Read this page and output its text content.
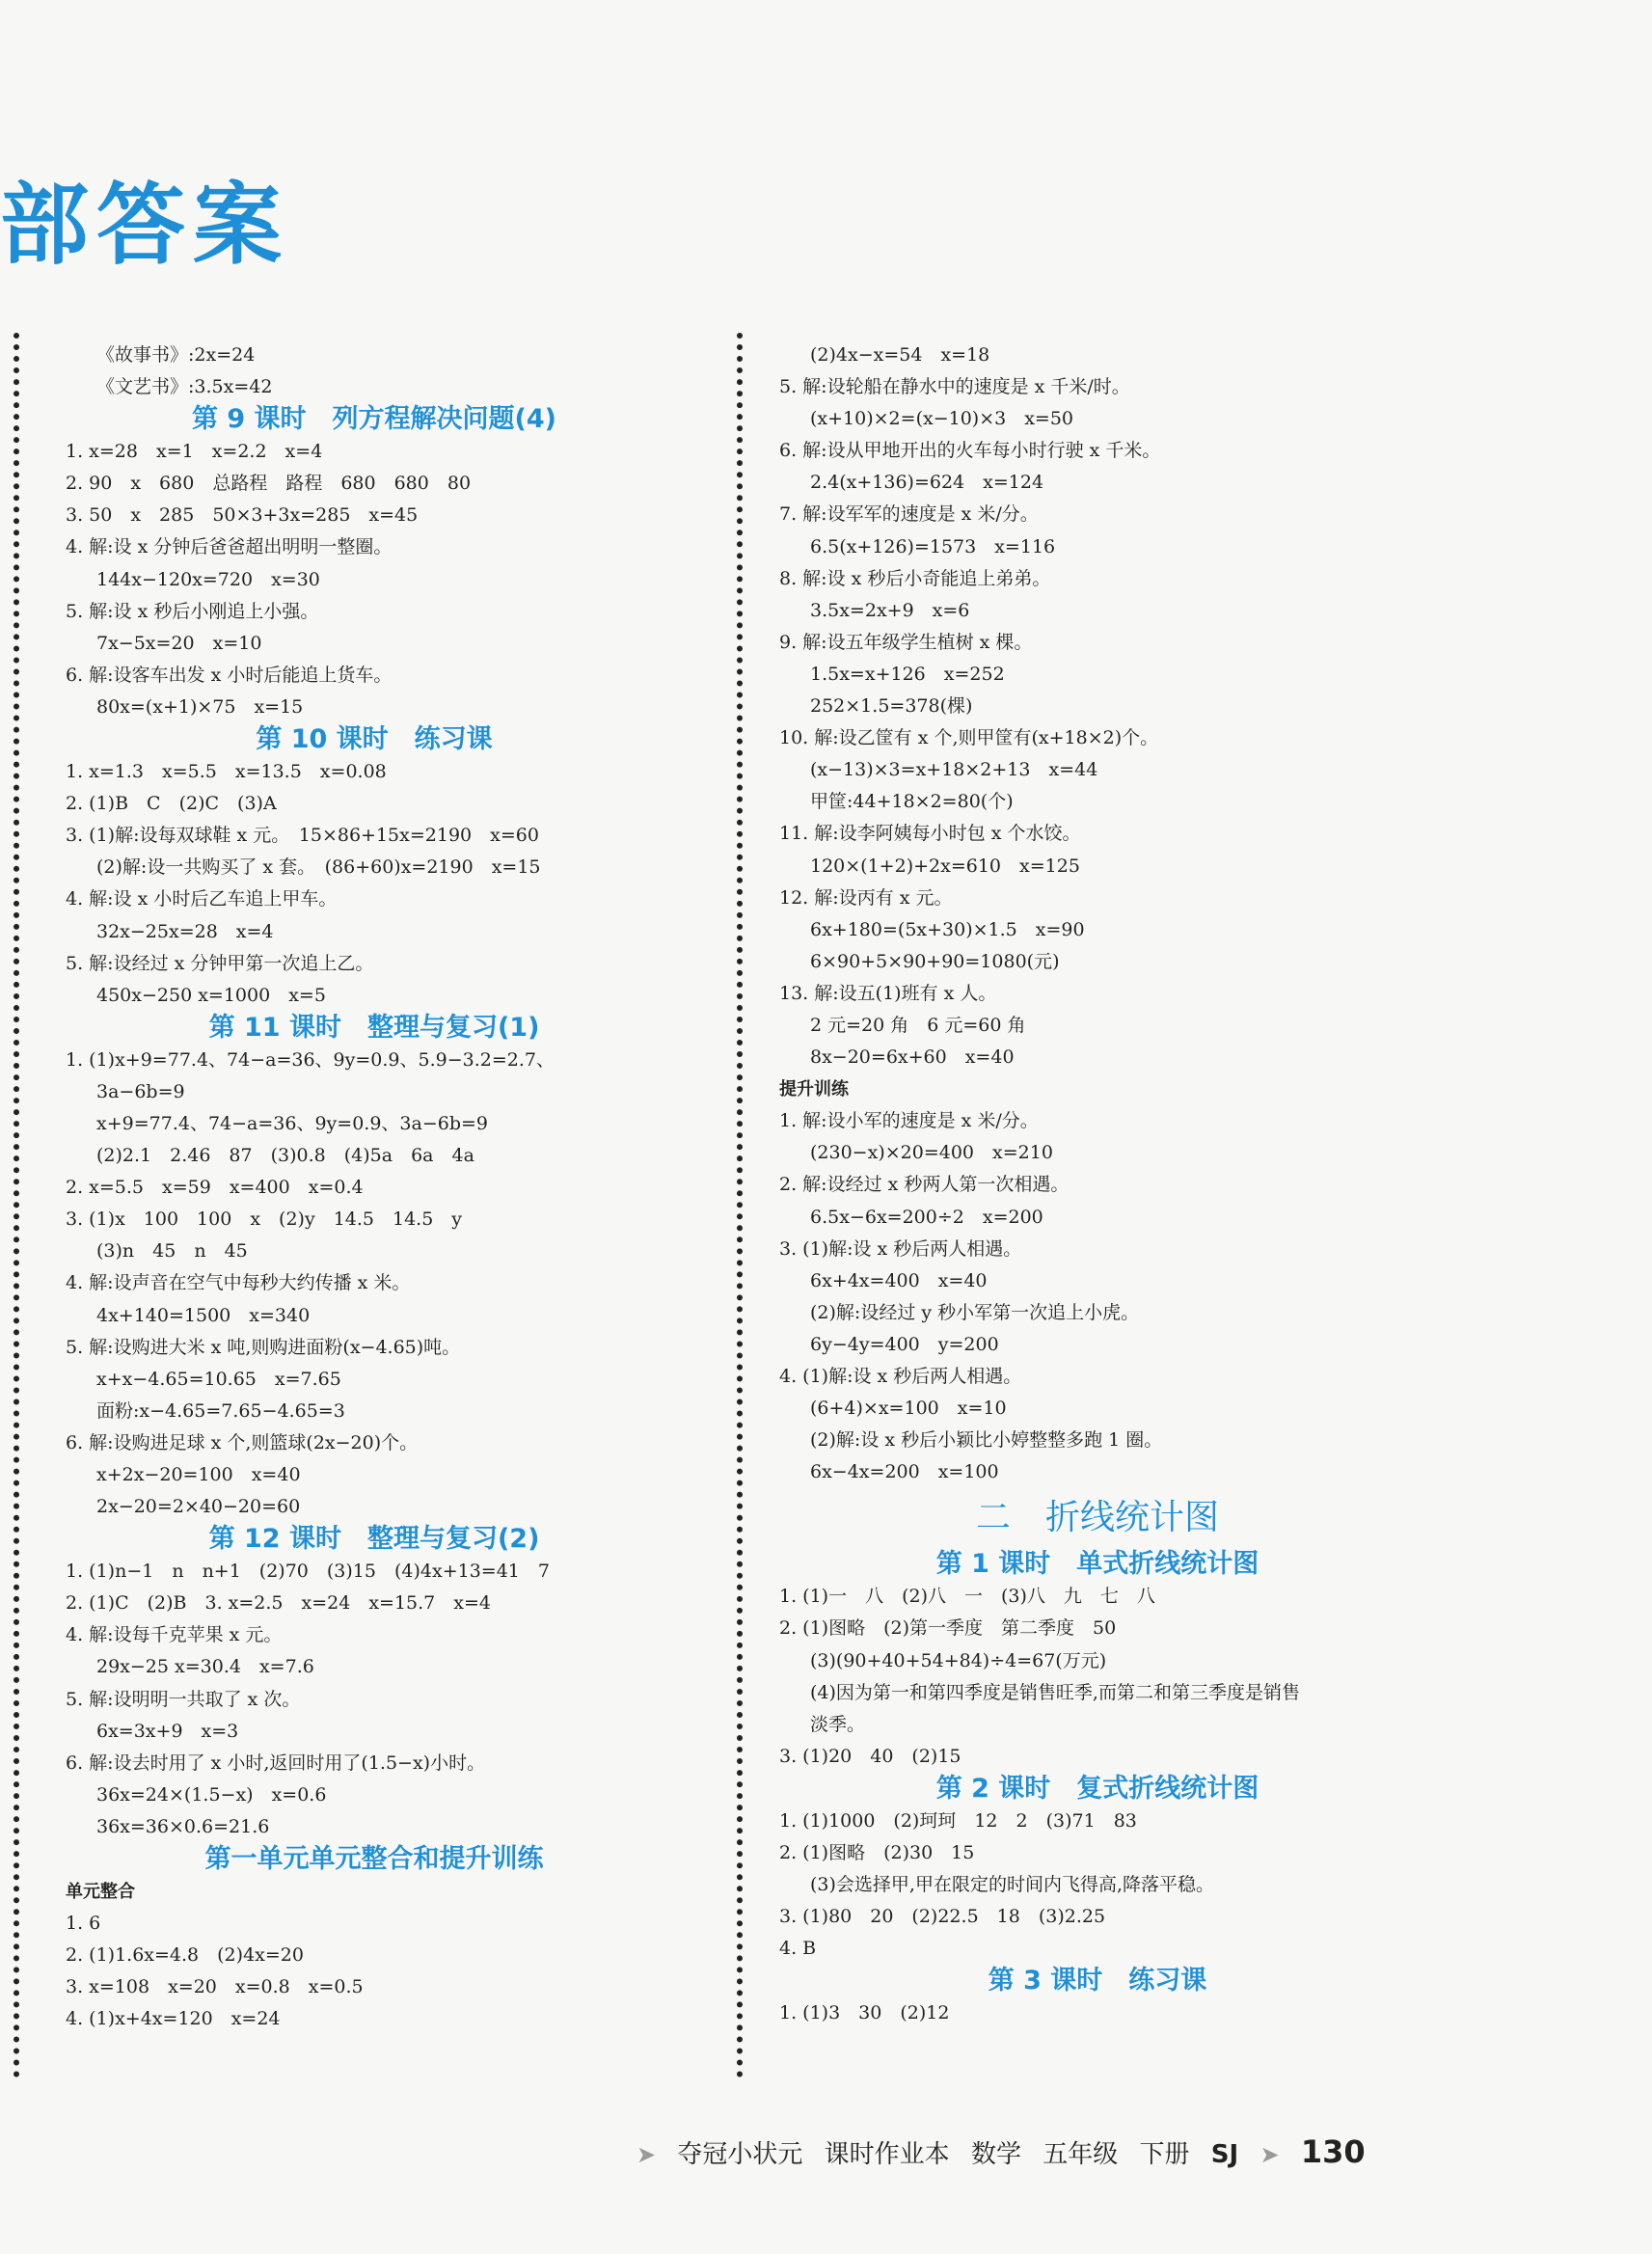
部答案
《故事书》:2x=24
《文艺书》:3.5x=42
第 9 课时　列方程解决问题(4)
1. x=28　x=1　x=2.2　x=4
2. 90　x　680　总路程　路程　680　680　80
3. 50　x　285　50×3+3x=285　x=45
4. 解:设 x 分钟后爸爸超出明明一整圈。
144x−120x=720　x=30
5. 解:设 x 秒后小刚追上小强。
7x−5x=20　x=10
6. 解:设客车出发 x 小时后能追上货车。
80x=(x+1)×75　x=15
第 10 课时　练习课
1. x=1.3　x=5.5　x=13.5　x=0.08
2. (1)B　C　(2)C　(3)A
3. (1)解:设每双球鞋 x 元。　15×86+15x=2190　x=60
(2)解:设一共购买了 x 套。　(86+60)x=2190　x=15
4. 解:设 x 小时后乙车追上甲车。
32x−25x=28　x=4
5. 解:设经过 x 分钟甲第一次追上乙。
450x−250 x=1000　x=5
第 11 课时　整理与复习(1)
1. (1)x+9=77.4、74−a=36、9y=0.9、5.9−3.2=2.7、
3a−6b=9
x+9=77.4、74−a=36、9y=0.9、3a−6b=9
(2)2.1　2.46　87　(3)0.8　(4)5a　6a　4a
2. x=5.5　x=59　x=400　x=0.4
3. (1)x　100　100　x　(2)y　14.5　14.5　y
(3)n　45　n　45
4. 解:设声音在空气中每秒大约传播 x 米。
4x+140=1500　x=340
5. 解:设购进大米 x 吨,则购进面粉(x−4.65)吨。
x+x−4.65=10.65　x=7.65
面粉:x−4.65=7.65−4.65=3
6. 解:设购进足球 x 个,则篮球(2x−20)个。
x+2x−20=100　x=40
2x−20=2×40−20=60
第 12 课时　整理与复习(2)
1. (1)n−1　n　n+1　(2)70　(3)15　(4)4x+13=41　7
2. (1)C　(2)B　3. x=2.5　x=24　x=15.7　x=4
4. 解:设每千克苹果 x 元。
29x−25 x=30.4　x=7.6
5. 解:设明明一共取了 x 次。
6x=3x+9　x=3
6. 解:设去时用了 x 小时,返回时用了(1.5−x)小时。
36x=24×(1.5−x)　x=0.6
36x=36×0.6=21.6
第一单元单元整合和提升训练
单元整合
1. 6
2. (1)1.6x=4.8　(2)4x=20
3. x=108　x=20　x=0.8　x=0.5
4. (1)x+4x=120　x=24
(2)4x−x=54　x=18
5. 解:设轮船在静水中的速度是 x 千米/时。
(x+10)×2=(x−10)×3　x=50
6. 解:设从甲地开出的火车每小时行驶 x 千米。
2.4(x+136)=624　x=124
7. 解:设军军的速度是 x 米/分。
6.5(x+126)=1573　x=116
8. 解:设 x 秒后小奇能追上弟弟。
3.5x=2x+9　x=6
9. 解:设五年级学生植树 x 棵。
1.5x=x+126　x=252
252×1.5=378(棵)
10. 解:设乙筐有 x 个,则甲筐有(x+18×2)个。
(x−13)×3=x+18×2+13　x=44
甲筐:44+18×2=80(个)
11. 解:设李阿姨每小时包 x 个水饺。
120×(1+2)+2x=610　x=125
12. 解:设丙有 x 元。
6x+180=(5x+30)×1.5　x=90
6×90+5×90+90=1080(元)
13. 解:设五(1)班有 x 人。
2 元=20 角　6 元=60 角
8x−20=6x+60　x=40
提升训练
1. 解:设小军的速度是 x 米/分。
(230−x)×20=400　x=210
2. 解:设经过 x 秒两人第一次相遇。
6.5x−6x=200÷2　x=200
3. (1)解:设 x 秒后两人相遇。
6x+4x=400　x=40
(2)解:设经过 y 秒小军第一次追上小虎。
6y−4y=400　y=200
4. (1)解:设 x 秒后两人相遇。
(6+4)×x=100　x=10
(2)解:设 x 秒后小颖比小婷整整多跑 1 圈。
6x−4x=200　x=100
二　折线统计图
第 1 课时　单式折线统计图
1. (1)一　八　(2)八　一　(3)八　九　七　八
2. (1)图略　(2)第一季度　第二季度　50
(3)(90+40+54+84)÷4=67(万元)
(4)因为第一和第四季度是销售旺季,而第二和第三季度是销售
淡季。
3. (1)20　40　(2)15
第 2 课时　复式折线统计图
1. (1)1000　(2)珂珂　12　2　(3)71　83
2. (1)图略　(2)30　15
(3)会选择甲,甲在限定的时间内飞得高,降落平稳。
3. (1)80　20　(2)22.5　18　(3)2.25
4. B
第 3 课时　练习课
1. (1)3　30　(2)12
➤ 夺冠小状元 课时作业本 数学 五年级 下册 SJ ➤ 130
